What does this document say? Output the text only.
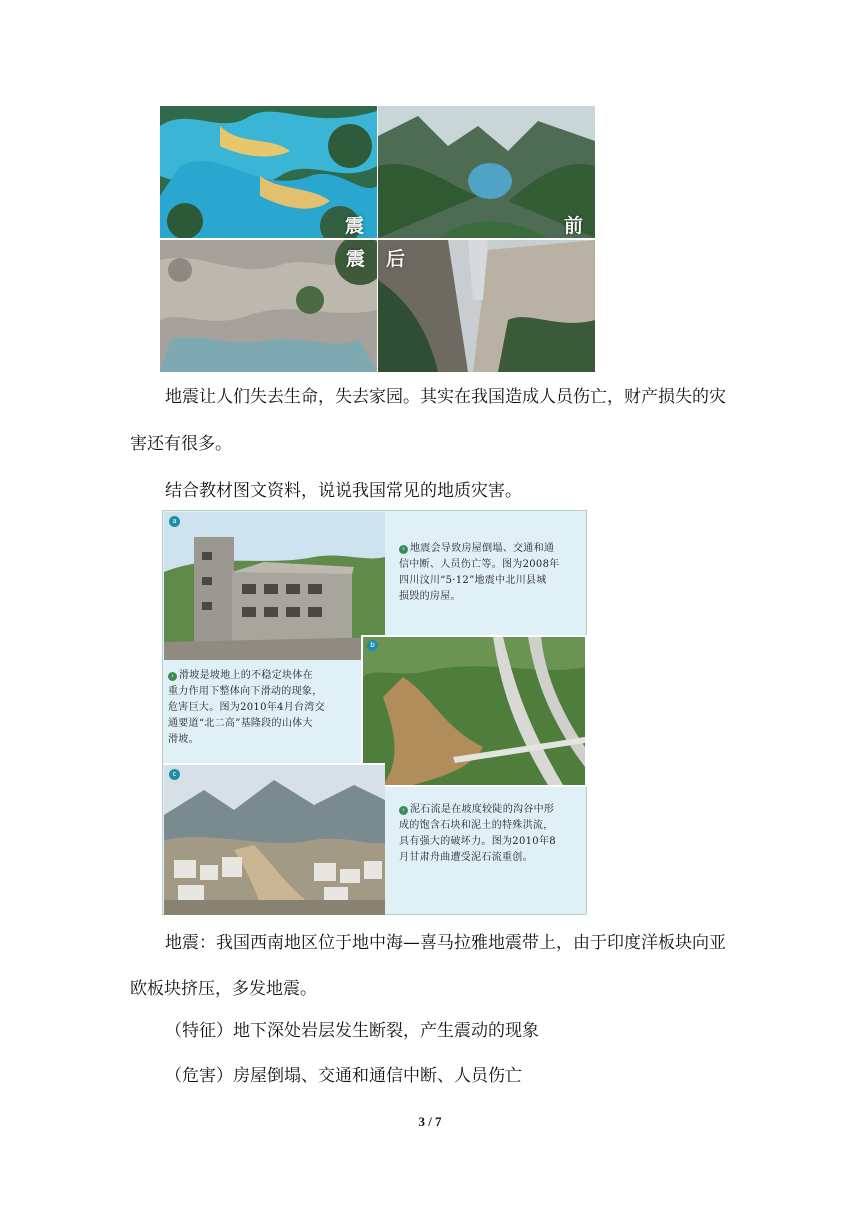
前
震
震 后
地震让人们失去生命，失去家园。其实在我国造成人员伤亡，财产损失的灾
害还有很多。
结合教材图文资料，说说我国常见的地质灾害。
a
› 地震会导致房屋倒塌、交通和通
信中断、人员伤亡等。图为2008年
四川汶川“5·12”地震中北川县城
损毁的房屋。
b
› 滑坡是坡地上的不稳定块体在
重力作用下整体向下滑动的现象，
危害巨大。图为2010年4月台湾交
通要道“北二高”基隆段的山体大
滑坡。
c
› 泥石流是在坡度较陡的沟谷中形
成的饱含石块和泥土的特殊洪流，
具有强大的破坏力。图为2010年8
月甘肃舟曲遭受泥石流重创。
地震：我国西南地区位于地中海—喜马拉雅地震带上，由于印度洋板块向亚
欧板块挤压，多发地震。
（特征）地下深处岩层发生断裂，产生震动的现象
（危害）房屋倒塌、交通和通信中断、人员伤亡
3 / 7
